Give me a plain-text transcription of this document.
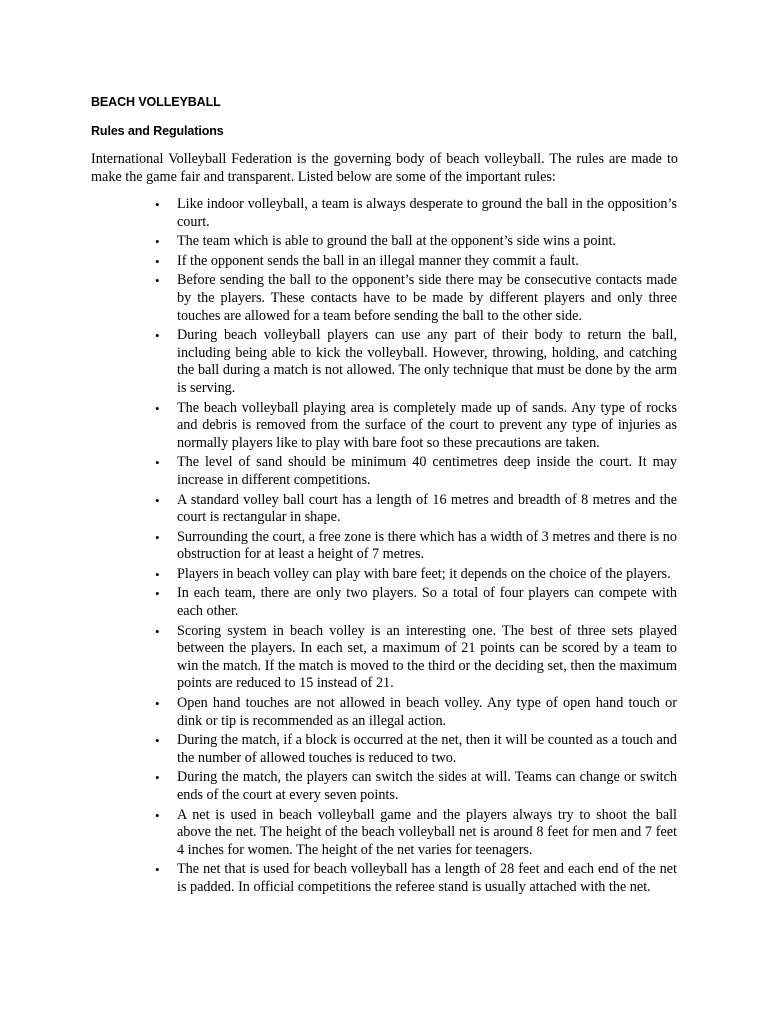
BEACH VOLLEYBALL
Rules and Regulations

International Volleyball Federation is the governing body of beach volleyball. The rules are made to make the game fair and transparent. Listed below are some of the important rules:

• Like indoor volleyball, a team is always desperate to ground the ball in the opposition’s court.
• The team which is able to ground the ball at the opponent’s side wins a point.
• If the opponent sends the ball in an illegal manner they commit a fault.
• Before sending the ball to the opponent’s side there may be consecutive contacts made by the players. These contacts have to be made by different players and only three touches are allowed for a team before sending the ball to the other side.
• During beach volleyball players can use any part of their body to return the ball, including being able to kick the volleyball. However, throwing, holding, and catching the ball during a match is not allowed. The only technique that must be done by the arm is serving.
• The beach volleyball playing area is completely made up of sands. Any type of rocks and debris is removed from the surface of the court to prevent any type of injuries as normally players like to play with bare foot so these precautions are taken.
• The level of sand should be minimum 40 centimetres deep inside the court. It may increase in different competitions.
• A standard volley ball court has a length of 16 metres and breadth of 8 metres and the court is rectangular in shape.
• Surrounding the court, a free zone is there which has a width of 3 metres and there is no obstruction for at least a height of 7 metres.
• Players in beach volley can play with bare feet; it depends on the choice of the players.
• In each team, there are only two players. So a total of four players can compete with each other.
• Scoring system in beach volley is an interesting one. The best of three sets played between the players. In each set, a maximum of 21 points can be scored by a team to win the match. If the match is moved to the third or the deciding set, then the maximum points are reduced to 15 instead of 21.
• Open hand touches are not allowed in beach volley. Any type of open hand touch or dink or tip is recommended as an illegal action.
• During the match, if a block is occurred at the net, then it will be counted as a touch and the number of allowed touches is reduced to two.
• During the match, the players can switch the sides at will. Teams can change or switch ends of the court at every seven points.
• A net is used in beach volleyball game and the players always try to shoot the ball above the net. The height of the beach volleyball net is around 8 feet for men and 7 feet 4 inches for women. The height of the net varies for teenagers.
• The net that is used for beach volleyball has a length of 28 feet and each end of the net is padded. In official competitions the referee stand is usually attached with the net.
